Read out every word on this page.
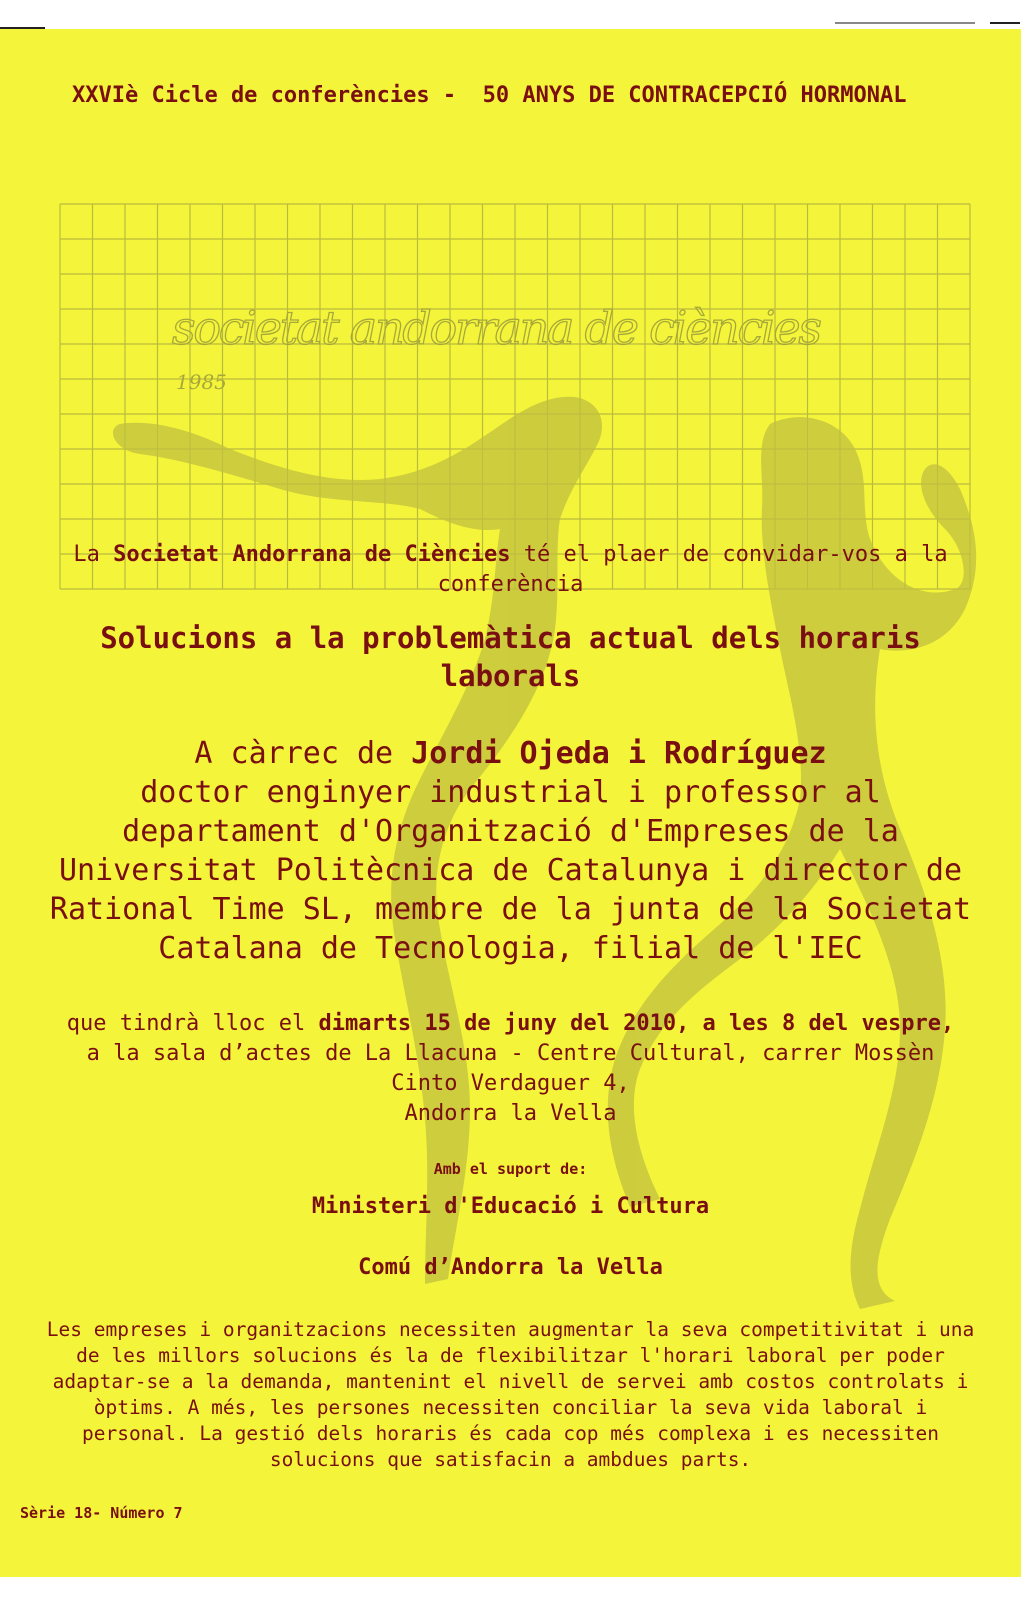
societat andorrana de ciències
1985
XXVIè Cicle de conferències - 50 ANYS DE CONTRACEPCIÓ HORMONAL
La Societat Andorrana de Ciències té el plaer de convidar-vos a la
conferència
Solucions a la problemàtica actual dels horaris
laborals
A càrrec de Jordi Ojeda i Rodríguez
doctor enginyer industrial i professor al
departament d'Organització d'Empreses de la
Universitat Politècnica de Catalunya i director de
Rational Time SL, membre de la junta de la Societat
Catalana de Tecnologia, filial de l'IEC
que tindrà lloc el dimarts 15 de juny del 2010, a les 8 del vespre,
a la sala d’actes de La Llacuna - Centre Cultural, carrer Mossèn
Cinto Verdaguer 4,
Andorra la Vella
Amb el suport de:
Ministeri d'Educació i Cultura
Comú d’Andorra la Vella
Les empreses i organitzacions necessiten augmentar la seva competitivitat i una
de les millors solucions és la de flexibilitzar l'horari laboral per poder
adaptar-se a la demanda, mantenint el nivell de servei amb costos controlats i
òptims. A més, les persones necessiten conciliar la seva vida laboral i
personal. La gestió dels horaris és cada cop més complexa i es necessiten
solucions que satisfacin a ambdues parts.
Sèrie 18- Número 7
